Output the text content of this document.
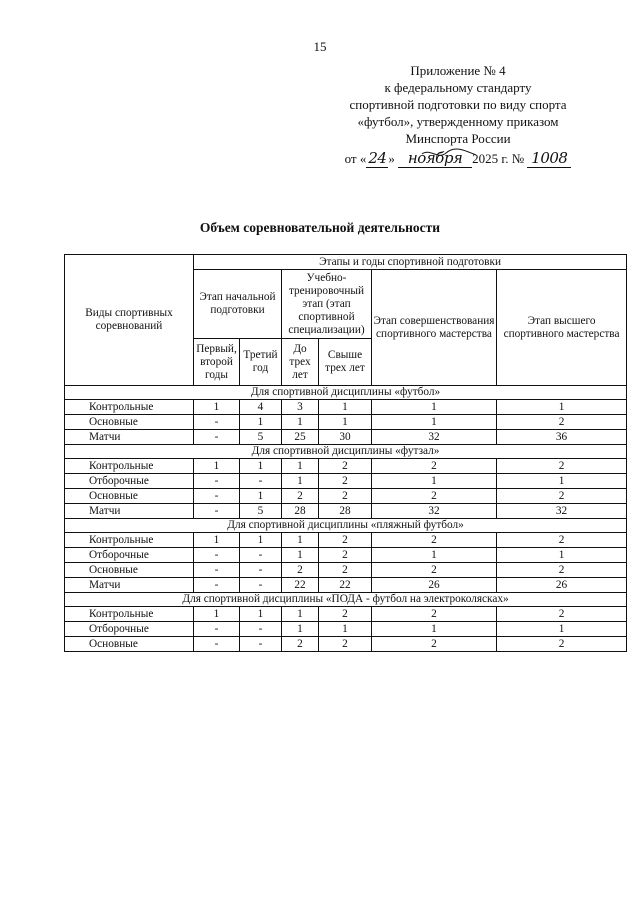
15
Приложение № 4
к федеральному стандарту
спортивной подготовки по виду спорта
«футбол», утвержденному приказом
Минспорта России
от « 24 » ноября 2025 г. № 1008
Объем соревновательной деятельности
Виды спортивных соревнований	Этапы и годы спортивной подготовки					
	Этап начальной подготовки		Учебно-тренировочный этап (этап спортивной специализации)		Этап совершенствования спортивного мастерства	Этап высшего спортивного мастерства
	Первый, второй годы	Третий год	До трех лет	Свыше трех лет		
Для спортивной дисциплины «футбол»						
Контрольные	1	4	3	1	1	1
Основные	-	1	1	1	1	2
Матчи	-	5	25	30	32	36
Для спортивной дисциплины «футзал»						
Контрольные	1	1	1	2	2	2
Отборочные	-	-	1	2	1	1
Основные	-	1	2	2	2	2
Матчи	-	5	28	28	32	32
Для спортивной дисциплины «пляжный футбол»						
Контрольные	1	1	1	2	2	2
Отборочные	-	-	1	2	1	1
Основные	-	-	2	2	2	2
Матчи	-	-	22	22	26	26
Для спортивной дисциплины «ПОДА - футбол на электроколясках»						
Контрольные	1	1	1	2	2	2
Отборочные	-	-	1	1	1	1
Основные	-	-	2	2	2	2
